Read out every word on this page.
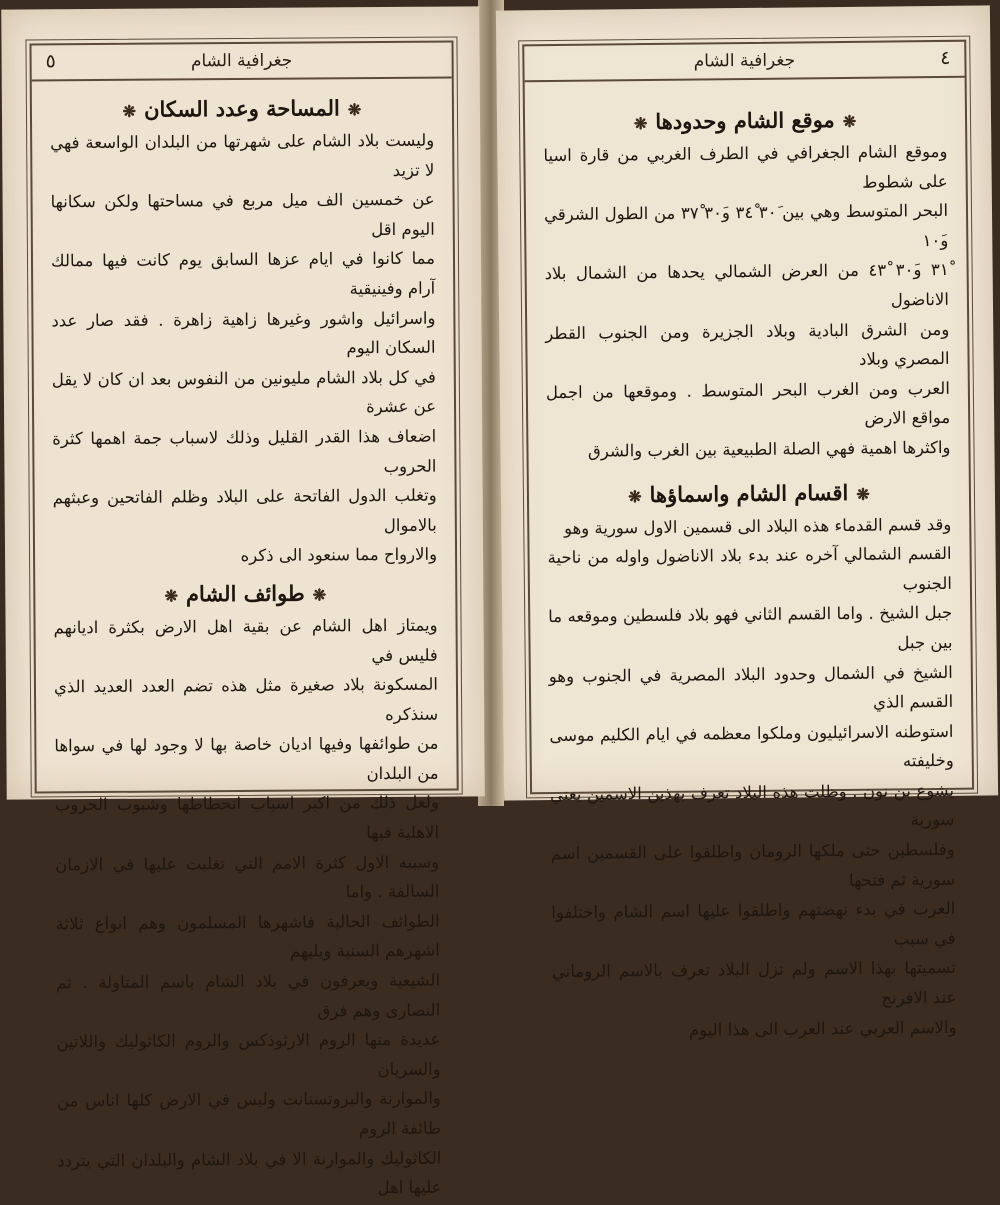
جغرافية الشام
٥
❋المساحة وعدد السكان❋
وليست بلاد الشام على شهرتها من البلدان الواسعة فهي لا تزيد
عن خمسين الف ميل مربع في مساحتها ولكن سكانها اليوم اقل
مما كانوا في ايام عزها السابق يوم كانت فيها ممالك آرام وفينيقية
واسرائيل واشور وغيرها زاهية زاهرة . فقد صار عدد السكان اليوم
في كل بلاد الشام مليونين من النفوس بعد ان كان لا يقل عن عشرة
اضعاف هذا القدر القليل وذلك لاسباب جمة اهمها كثرة الحروب
وتغلب الدول الفاتحة على البلاد وظلم الفاتحين وعبثهم بالاموال
والارواح مما سنعود الى ذكره
❋طوائف الشام❋
ويمتاز اهل الشام عن بقية اهل الارض بكثرة اديانهم فليس في
المسكونة بلاد صغيرة مثل هذه تضم العدد العديد الذي سنذكره
من طوائفها وفيها اديان خاصة بها لا وجود لها في سواها من البلدان
ولعل ذلك من اكبر اسباب انحطاطها وشبوب الحروب الاهلية فيها
وسببه الاول كثرة الامم التي تغلبت عليها في الازمان السالفة . واما
الطوائف الحالية فاشهرها المسلمون وهم انواع ثلاثة اشهرهم السنية ويليهم
الشيعية ويعرفون في بلاد الشام باسم المتاولة . ثم النصارى وهم فرق
عديدة منها الروم الارثوذكس والروم الكاثوليك واللاتين والسريان
والموارنة والبروتستانت وليس في الارض كلها اناس من طائفة الروم
الكاثوليك والموارنة الا في بلاد الشام والبلدان التي يتردد عليها اهل
جغرافية الشام	٤
❋موقع الشام وحدودها❋
وموقع الشام الجغرافي في الطرف الغربي من قارة اسيا على شطوط
البحر المتوسط وهي بين ٣٠َ ٣٤ْ و٣٠َ ٣٧ْ من الطول الشرقي و١٠َ
٣١ْ و٣٠َ ٤٣ْ من العرض الشمالي يحدها من الشمال بلاد الاناضول
ومن الشرق البادية وبلاد الجزيرة ومن الجنوب القطر المصري وبلاد
العرب ومن الغرب البحر المتوسط . وموقعها من اجمل مواقع الارض
واكثرها اهمية فهي الصلة الطبيعية بين الغرب والشرق
❋اقسام الشام واسماؤها❋
وقد قسم القدماء هذه البلاد الى قسمين الاول سورية وهو
القسم الشمالي آخره عند بدء بلاد الاناضول واوله من ناحية الجنوب
جبل الشيخ . واما القسم الثاني فهو بلاد فلسطين وموقعه ما بين جبل
الشيخ في الشمال وحدود البلاد المصرية في الجنوب وهو القسم الذي
استوطنه الاسرائيليون وملكوا معظمه في ايام الكليم موسى وخليفته
يشوع بن نون . وظلت هذه البلاد تعرف بهذين الاسمين يعني سورية
وفلسطين حتى ملكها الرومان واطلقوا على القسمين اسم سورية ثم فتحها
العرب في بدء نهضتهم واطلقوا عليها اسم الشام واختلفوا في سبب
تسميتها بهذا الاسم ولم تزل البلاد تعرف بالاسم الروماني عند الافرنج
والاسم العربي عند العرب الى هذا اليوم
